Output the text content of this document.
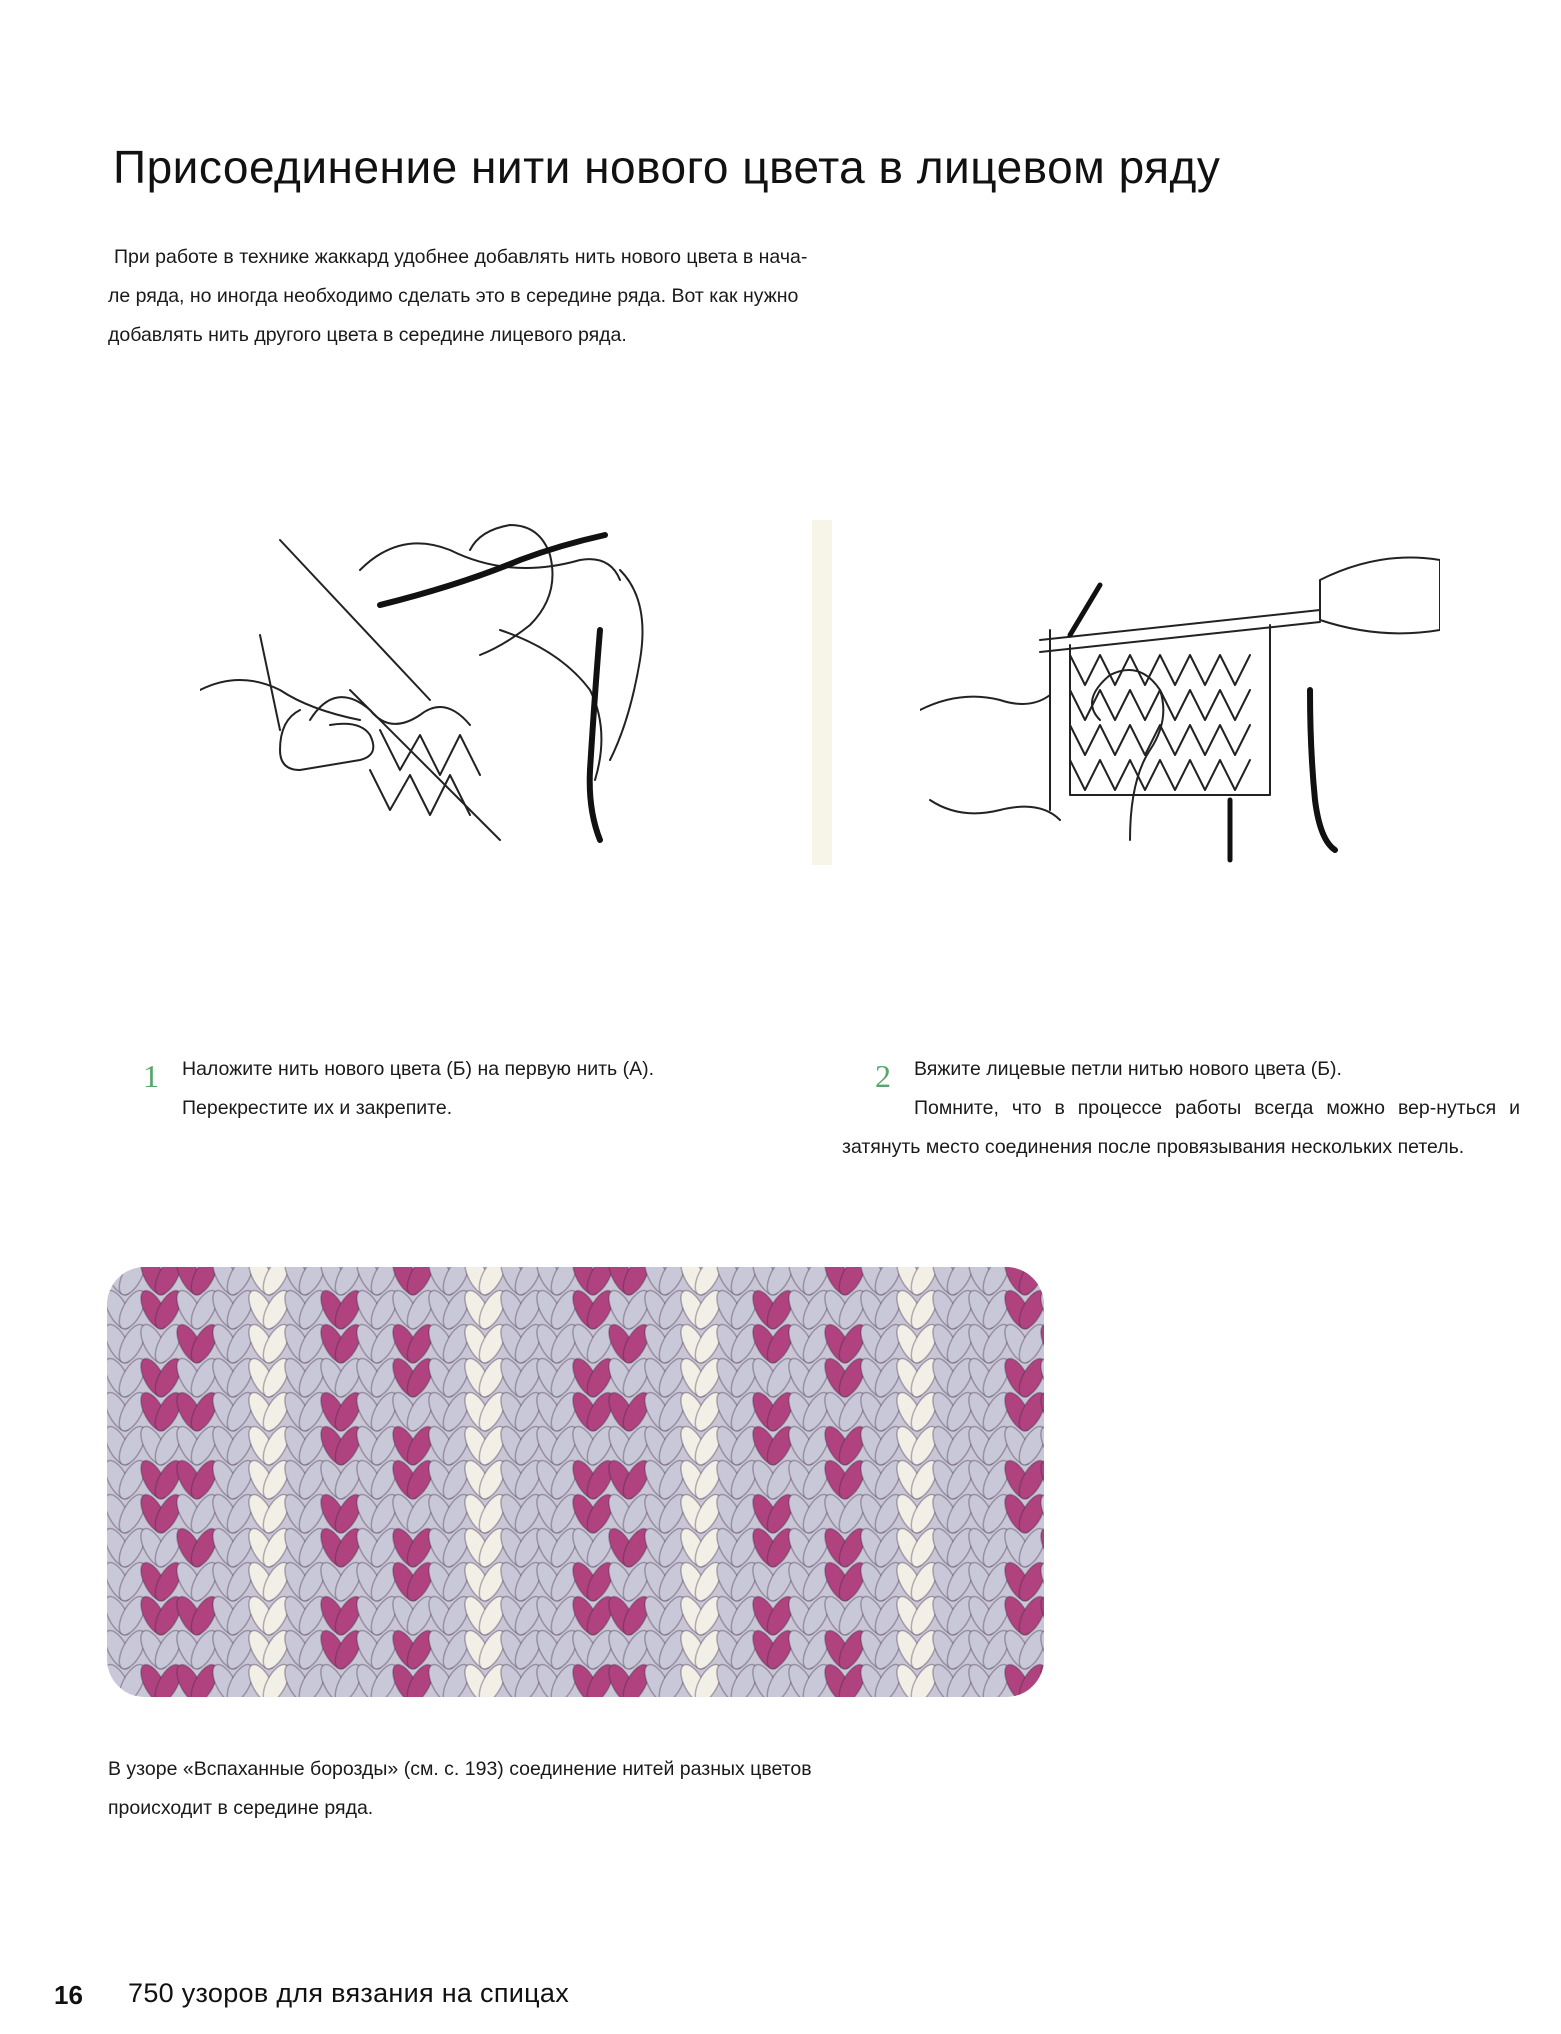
Присоединение нити нового цвета в лицевом ряду

При работе в технике жаккард удобнее добавлять нить нового цвета в нача-
ле ряда, но иногда необходимо сделать это в середине ряда. Вот как нужно
добавлять нить другого цвета в середине лицевого ряда.

1 Наложите нить нового цвета (Б) на первую нить (А).
Перекрестите их и закрепите.

2	Вяжите лицевые петли нитью нового цвета (Б).

Помните, что в процессе работы всегда можно вер-нуться и затянуть место соединения после провязывания нескольких петель.

В узоре «Вспаханные борозды» (см. с. 193) соединение нитей разных цветов
происходит в середине ряда.

16 750 узоров для вязания на спицах
